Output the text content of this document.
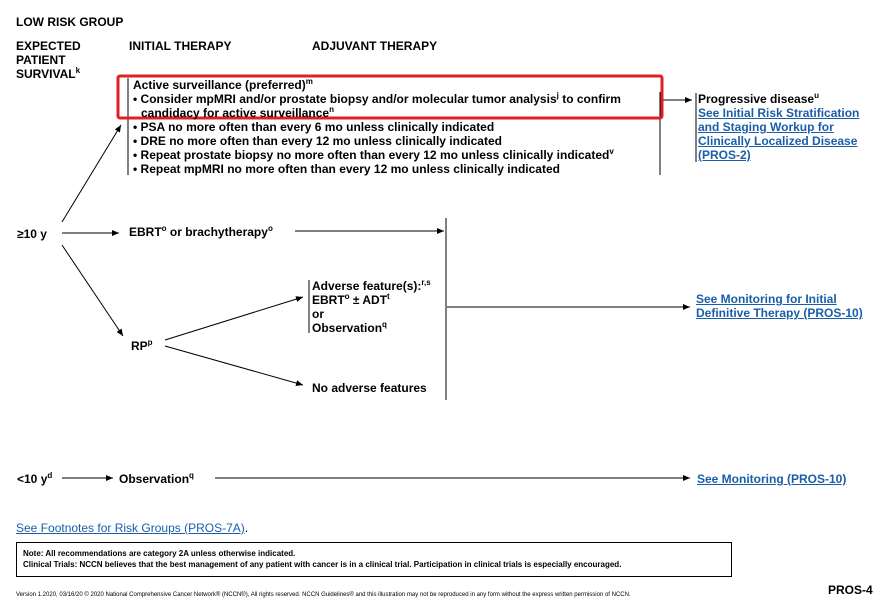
LOW RISK GROUP
EXPECTED
PATIENT
SURVIVAL$^k$
INITIAL THERAPY	ADJUVANT THERAPY
Active surveillance (preferred)$^m$
• Consider mpMRI and/or prostate biopsy and/or molecular tumor analysis$^j$ to confirm
candidacy for active surveillance$^n$
• PSA no more often than every 6 mo unless clinically indicated
• DRE no more often than every 12 mo unless clinically indicated
• Repeat prostate biopsy no more often than every 12 mo unless clinically indicated$^v$
• Repeat mpMRI no more often than every 12 mo unless clinically indicated
Progressive disease$^u$
See Initial Risk Stratification
and Staging Workup for
Clinically Localized Disease
(PROS-2)
≥10 y	EBRT$^o$ or brachytherapy$^o$
$RP^p$
Adverse feature(s):$^{r,s}$
$EBRT^o \pm ADT^t$
or
Observation$^q$
No adverse features
See Monitoring for Initial
Definitive Therapy (PROS-10)
<10 $y^d$	Observation$^q$	See Monitoring (PROS-10)
See Footnotes for Risk Groups (PROS-7A).
Note: All recommendations are category 2A unless otherwise indicated.
Clinical Trials: NCCN believes that the best management of any patient with cancer is in a clinical trial. Participation in clinical trials is especially encouraged.
Version 1.2020, 03/16/20 © 2020 National Comprehensive Cancer Network® (NCCN®), All rights reserved. NCCN Guidelines® and this illustration may not be reproduced in any form without the express written permission of NCCN.	PROS-4
